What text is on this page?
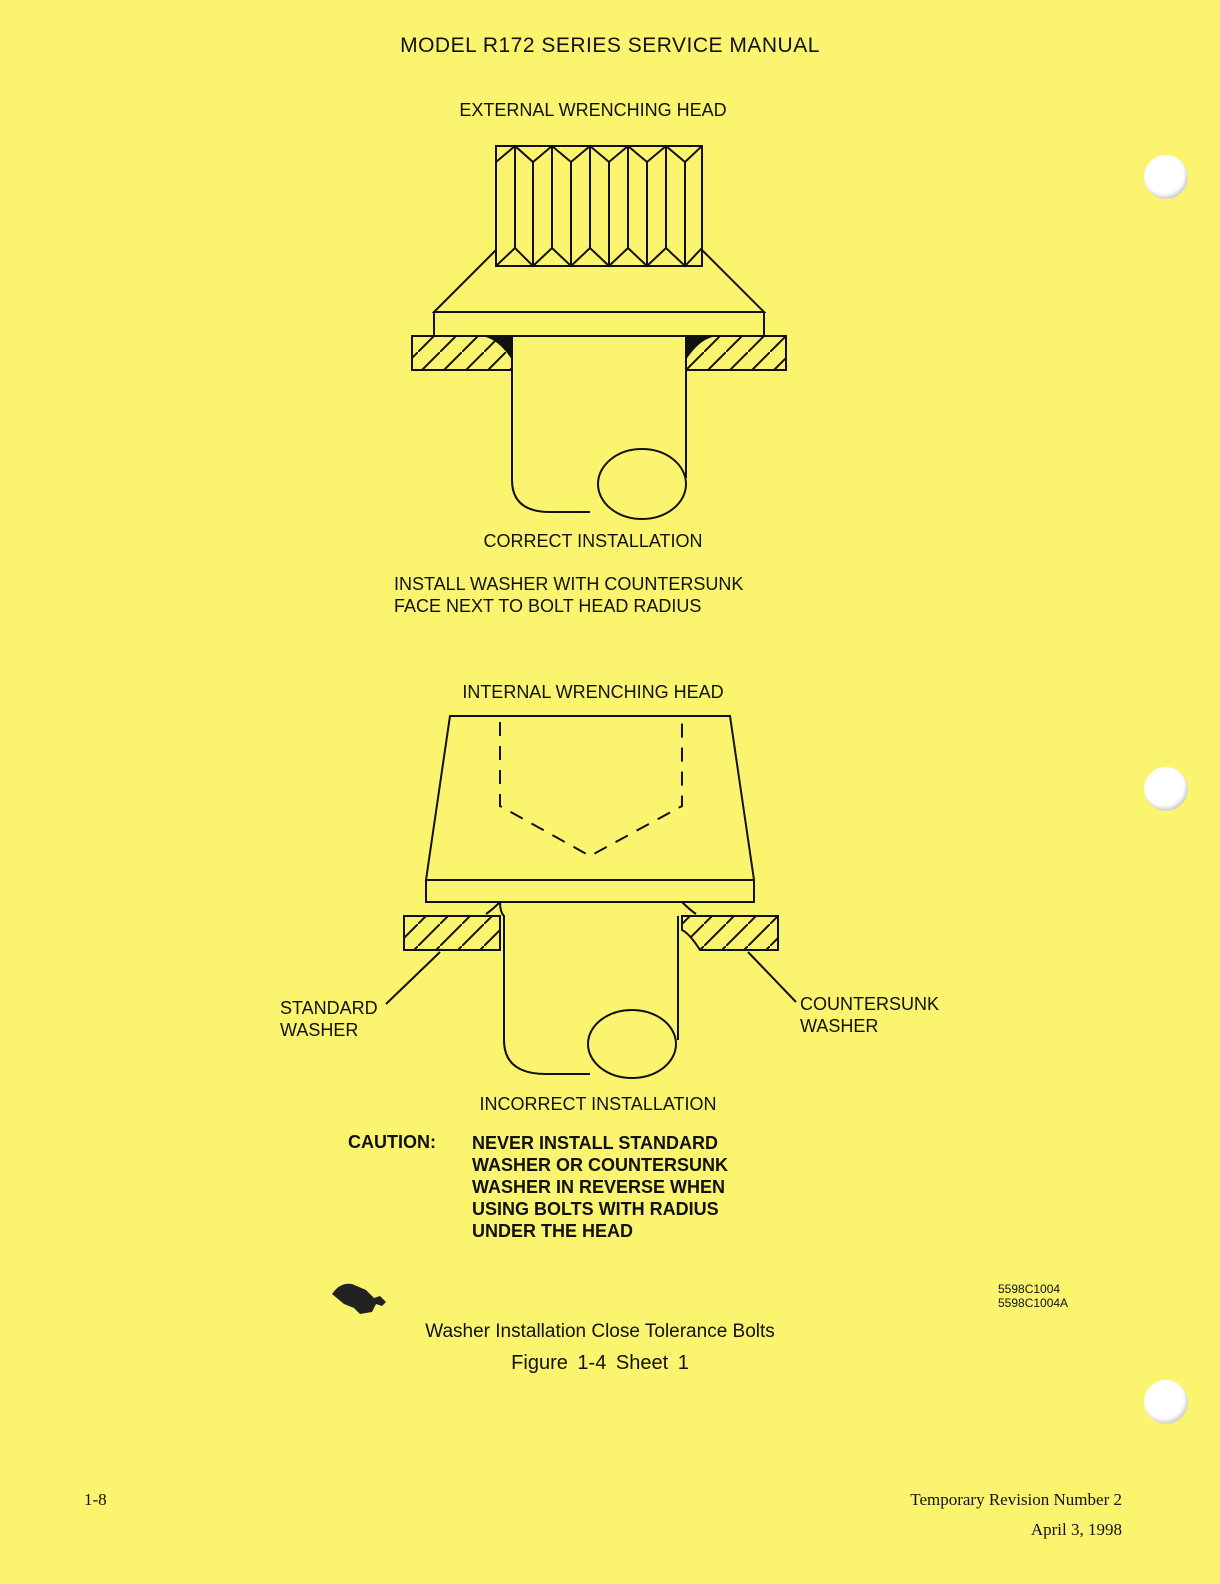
MODEL R172 SERIES SERVICE MANUAL
EXTERNAL WRENCHING HEAD
CORRECT INSTALLATION
INSTALL WASHER WITH COUNTERSUNK
FACE NEXT TO BOLT HEAD RADIUS
INTERNAL WRENCHING HEAD
STANDARD
WASHER
COUNTERSUNK
WASHER
INCORRECT INSTALLATION
CAUTION: NEVER INSTALL STANDARD
WASHER OR COUNTERSUNK
WASHER IN REVERSE WHEN
USING BOLTS WITH RADIUS
UNDER THE HEAD
5598C1004
5598C1004A
Washer Installation Close Tolerance Bolts
Figure 1-4 Sheet 1
1-8	Temporary Revision Number 2
April 3, 1998
